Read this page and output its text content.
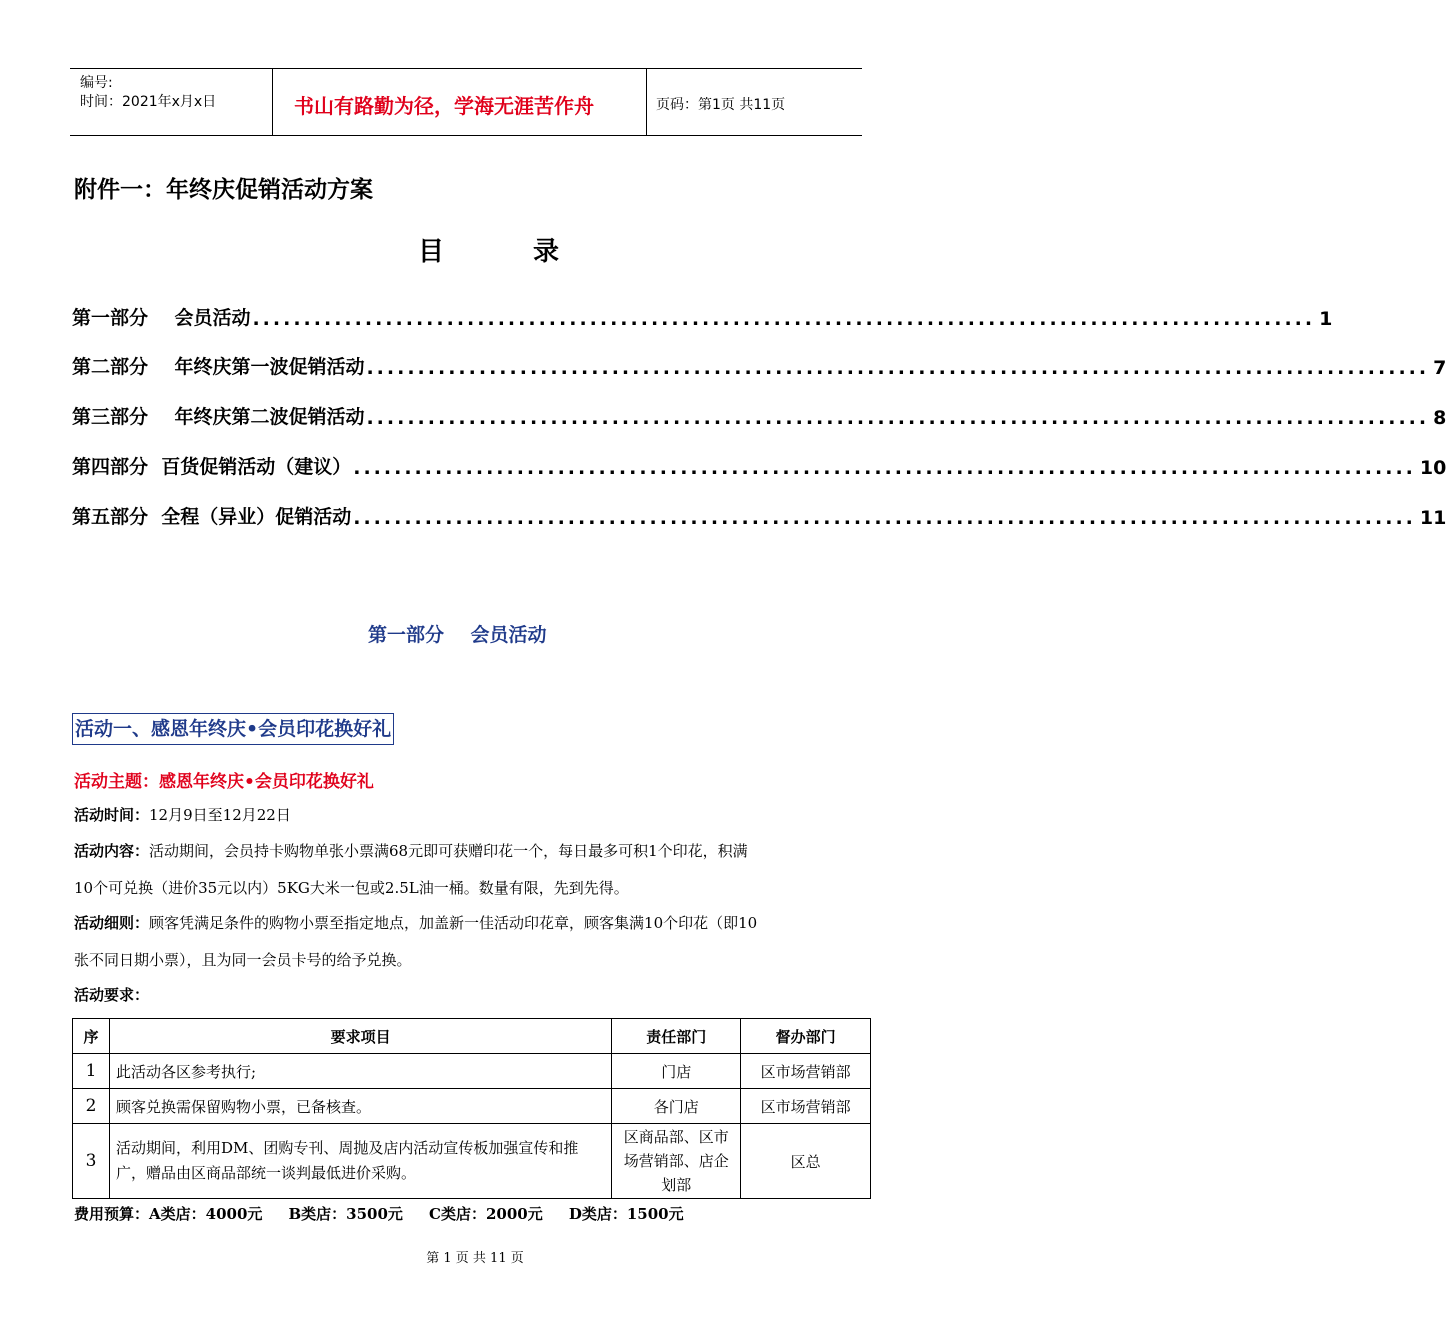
编号:
时间：2021年x月x日	书山有路勤为径，学海无涯苦作舟	页码：第1页 共11页
附件一：年终庆促销活动方案
目 录
第一部分    会员活动 ........................................................................................................ 1
第二部分    年终庆第一波促销活动 ........................................................................................................ 7
第三部分    年终庆第二波促销活动 ........................................................................................................ 8
第四部分  百货促销活动（建议） ........................................................................................................ 10
第五部分  全程（异业）促销活动 ........................................................................................................ 11
第一部分    会员活动
活动一、感恩年终庆•会员印花换好礼
活动主题：感恩年终庆•会员印花换好礼
活动时间：12月9日至12月22日
活动内容：活动期间，会员持卡购物单张小票满68元即可获赠印花一个，每日最多可积1个印花，积满
10个可兑换（进价35元以内）5KG大米一包或2.5L油一桶。数量有限，先到先得。
活动细则：顾客凭满足条件的购物小票至指定地点，加盖新一佳活动印花章，顾客集满10个印花（即10
张不同日期小票），且为同一会员卡号的给予兑换。
活动要求：
序	要求项目	责任部门	督办部门
1	此活动各区参考执行;	门店	区市场营销部
2	顾客兑换需保留购物小票，已备核查。	各门店	区市场营销部
3	活动期间，利用DM、团购专刊、周抛及店内活动宣传板加强宣传和推广，赠品由区商品部统一谈判最低进价采购。	区商品部、区市场营销部、店企划部	区总
费用预算：A类店：4000元     B类店：3500元     C类店：2000元     D类店：1500元
第 1 页 共 11 页
